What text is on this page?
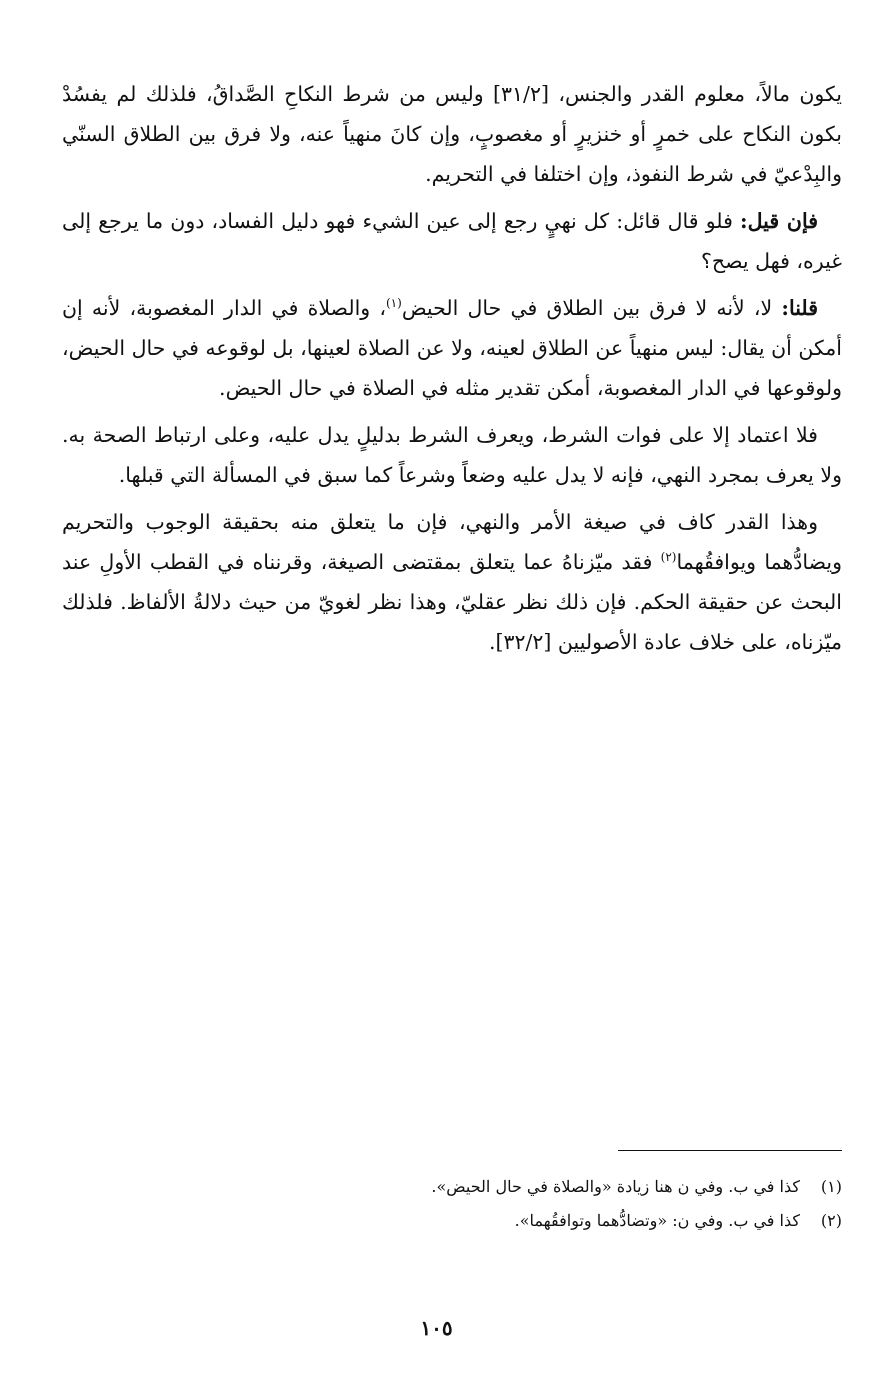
يكون مالاً، معلوم القدر والجنس، [٣١/٢] وليس من شرط النكاحِ الصَّداقُ، فلذلك لم يفسُدْ بكون النكاح على خمرٍ أو خنزيرٍ أو مغصوبٍ، وإن كانَ منهياً عنه، ولا فرق بين الطلاق السنّي والبِدْعيّ في شرط النفوذ، وإن اختلفا في التحريم.

فإن قيل: فلو قال قائل: كل نهيٍ رجع إلى عين الشيء فهو دليل الفساد، دون ما يرجع إلى غيره، فهل يصح؟

قلنا: لا، لأنه لا فرق بين الطلاق في حال الحيض$^{(١)}$، والصلاة في الدار المغصوبة، لأنه إن أمكن أن يقال: ليس منهياً عن الطلاق لعينه، ولا عن الصلاة لعينها، بل لوقوعه في حال الحيض، ولوقوعها في الدار المغصوبة، أمكن تقدير مثله في الصلاة في حال الحيض.

فلا اعتماد إلا على فوات الشرط، ويعرف الشرط بدليلٍ يدل عليه، وعلى ارتباط الصحة به. ولا يعرف بمجرد النهي، فإنه لا يدل عليه وضعاً وشرعاً كما سبق في المسألة التي قبلها.

وهذا القدر كاف في صيغة الأمر والنهي، فإن ما يتعلق منه بحقيقة الوجوب والتحريم ويضادُّهما ويوافقُهما$^{(٢)}$ فقد ميّزناهُ عما يتعلق بمقتضى الصيغة، وقرنناه في القطب الأولِ عند البحث عن حقيقة الحكم. فإن ذلك نظر عقليّ، وهذا نظر لغويّ من حيث دلالةُ الألفاظ. فلذلك ميّزناه، على خلاف عادة الأصوليين [٣٢/٢].

(١)
كذا في ب. وفي ن هنا زيادة «والصلاة في حال الحيض».
(٢)
كذا في ب. وفي ن: «وتضادُّهما وتوافقُهما».
١٠٥
